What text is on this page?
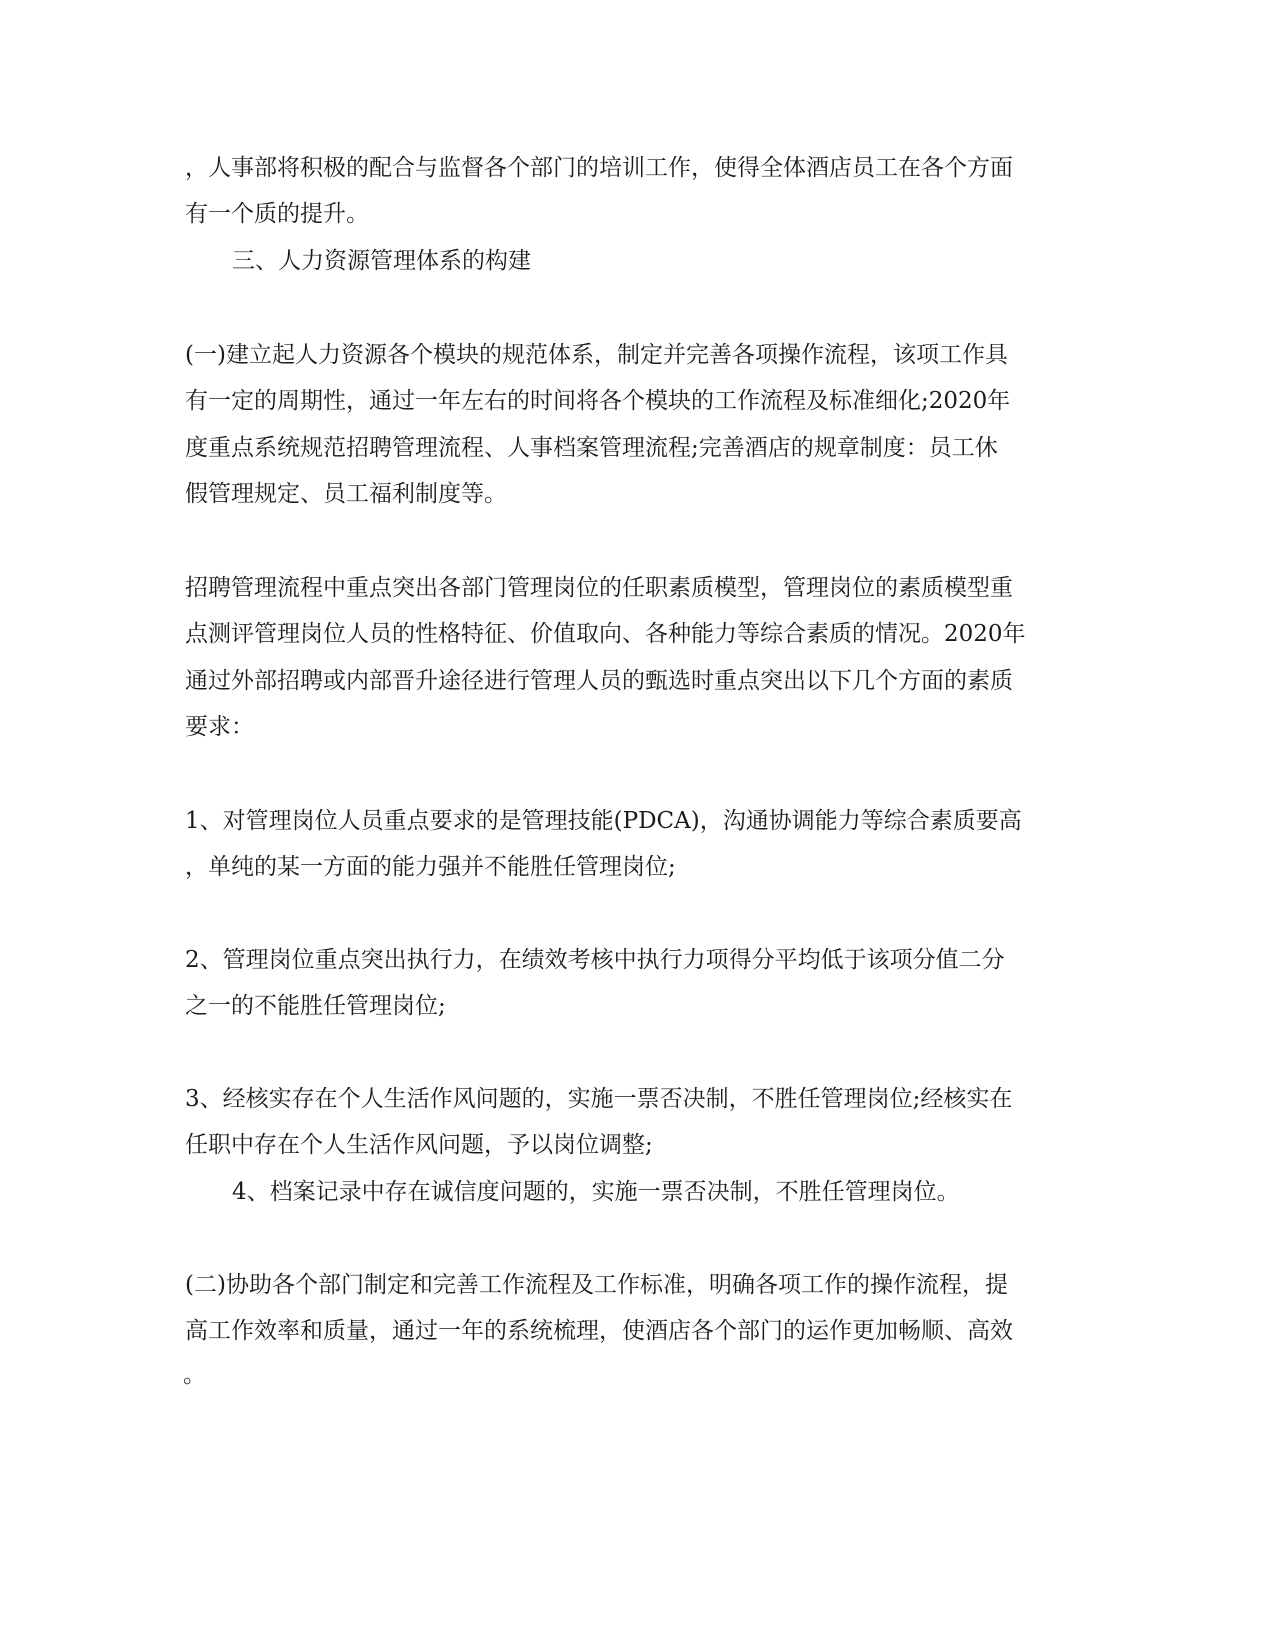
，人事部将积极的配合与监督各个部门的培训工作，使得全体酒店员工在各个方面
有一个质的提升。
三、人力资源管理体系的构建
(一)建立起人力资源各个模块的规范体系，制定并完善各项操作流程，该项工作具
有一定的周期性，通过一年左右的时间将各个模块的工作流程及标准细化;2020年
度重点系统规范招聘管理流程、人事档案管理流程;完善酒店的规章制度：员工休
假管理规定、员工福利制度等。
招聘管理流程中重点突出各部门管理岗位的任职素质模型，管理岗位的素质模型重
点测评管理岗位人员的性格特征、价值取向、各种能力等综合素质的情况。2020年
通过外部招聘或内部晋升途径进行管理人员的甄选时重点突出以下几个方面的素质
要求：
1、对管理岗位人员重点要求的是管理技能(PDCA)，沟通协调能力等综合素质要高
，单纯的某一方面的能力强并不能胜任管理岗位;
2、管理岗位重点突出执行力，在绩效考核中执行力项得分平均低于该项分值二分
之一的不能胜任管理岗位;
3、经核实存在个人生活作风问题的，实施一票否决制，不胜任管理岗位;经核实在
任职中存在个人生活作风问题，予以岗位调整;
4、档案记录中存在诚信度问题的，实施一票否决制，不胜任管理岗位。
(二)协助各个部门制定和完善工作流程及工作标准，明确各项工作的操作流程，提
高工作效率和质量，通过一年的系统梳理，使酒店各个部门的运作更加畅顺、高效
。
